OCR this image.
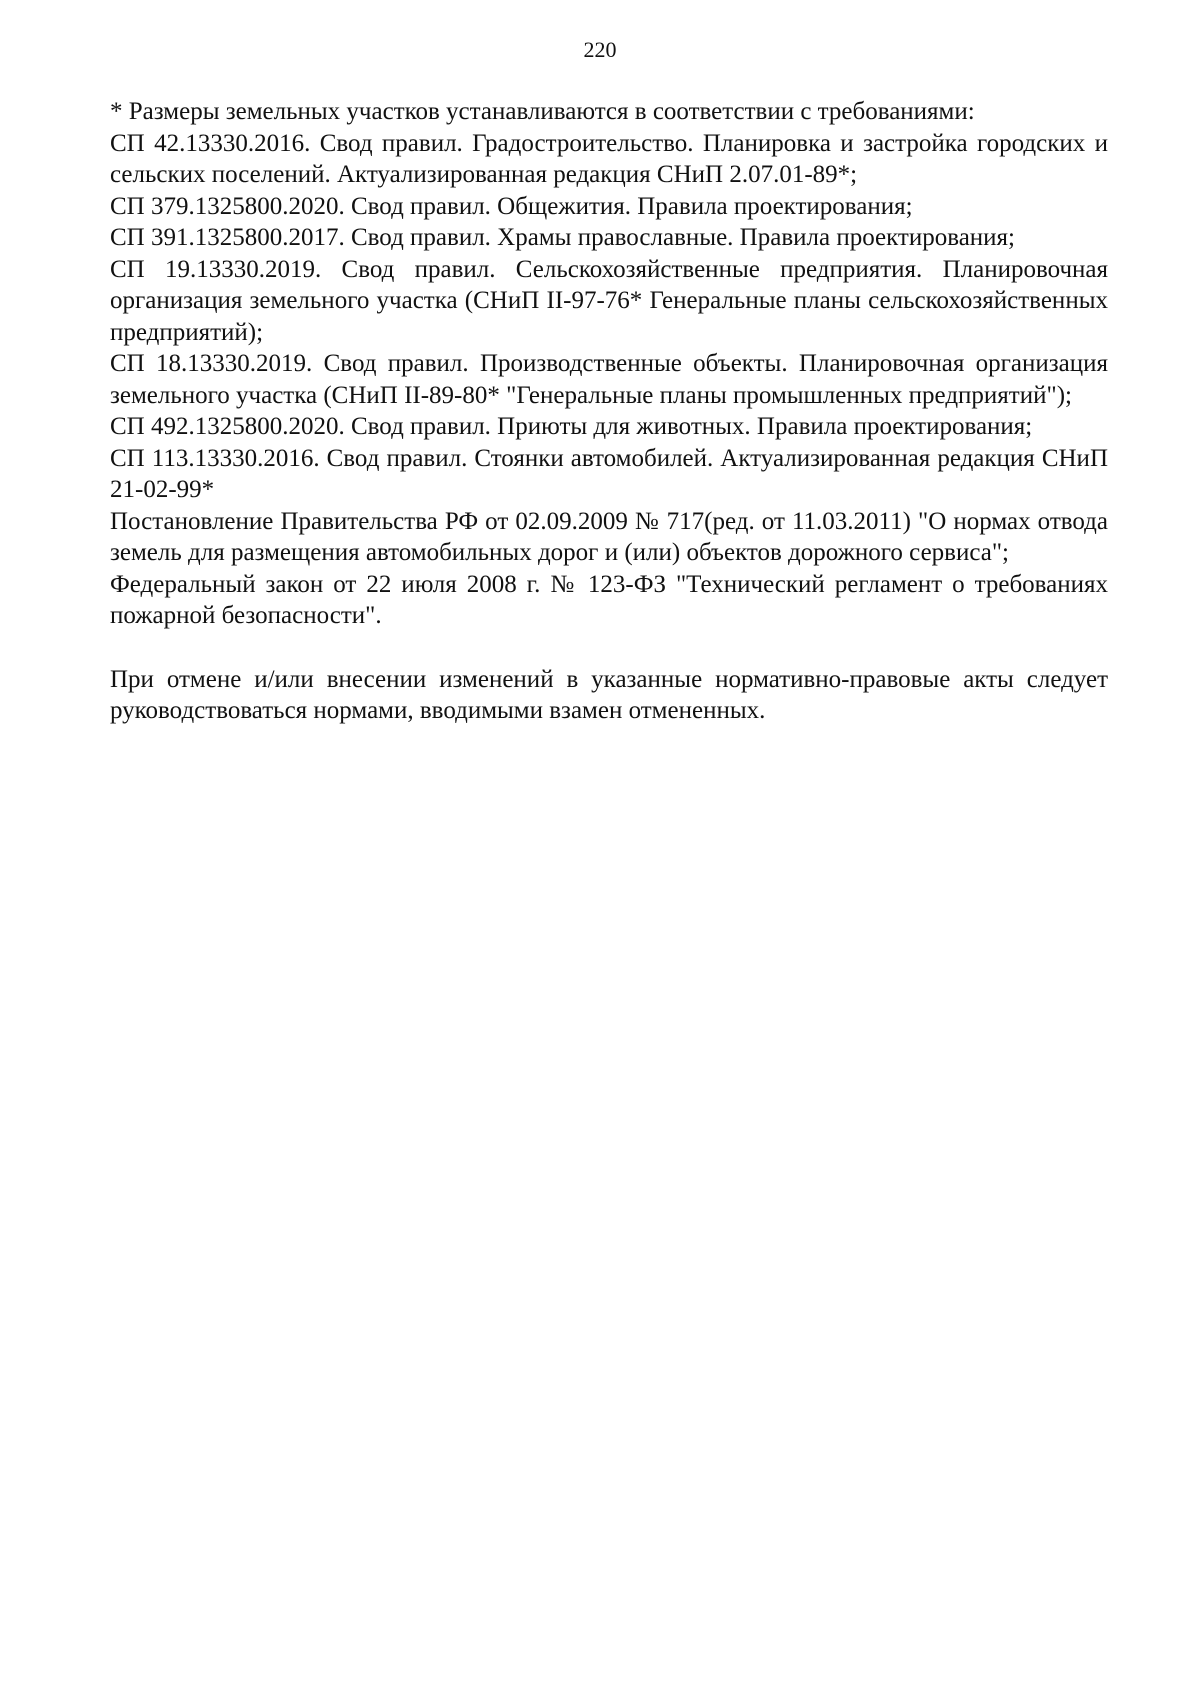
220

* Размеры земельных участков устанавливаются в соответствии с требованиями:

СП 42.13330.2016. Свод правил. Градостроительство. Планировка и застройка городских и сельских поселений. Актуализированная редакция СНиП 2.07.01-89*;

СП 379.1325800.2020. Свод правил. Общежития. Правила проектирования;

СП 391.1325800.2017. Свод правил. Храмы православные. Правила проектирования;

СП 19.13330.2019. Свод правил. Сельскохозяйственные предприятия. Планировочная организация земельного участка (СНиП II-97-76* Генеральные планы сельскохозяйственных предприятий);

СП 18.13330.2019. Свод правил. Производственные объекты. Планировочная организация земельного участка (СНиП II-89-80* "Генеральные планы промышленных предприятий");

СП 492.1325800.2020. Свод правил. Приюты для животных. Правила проектирования;

СП 113.13330.2016. Свод правил. Стоянки автомобилей. Актуализированная редакция СНиП 21-02-99*

Постановление Правительства РФ от 02.09.2009 № 717(ред. от 11.03.2011) "О нормах отвода земель для размещения автомобильных дорог и (или) объектов дорожного сервиса";

Федеральный закон от 22 июля 2008 г. № 123-ФЗ "Технический регламент о требованиях пожарной безопасности".

При отмене и/или внесении изменений в указанные нормативно-правовые акты следует руководствоваться нормами, вводимыми взамен отмененных.
